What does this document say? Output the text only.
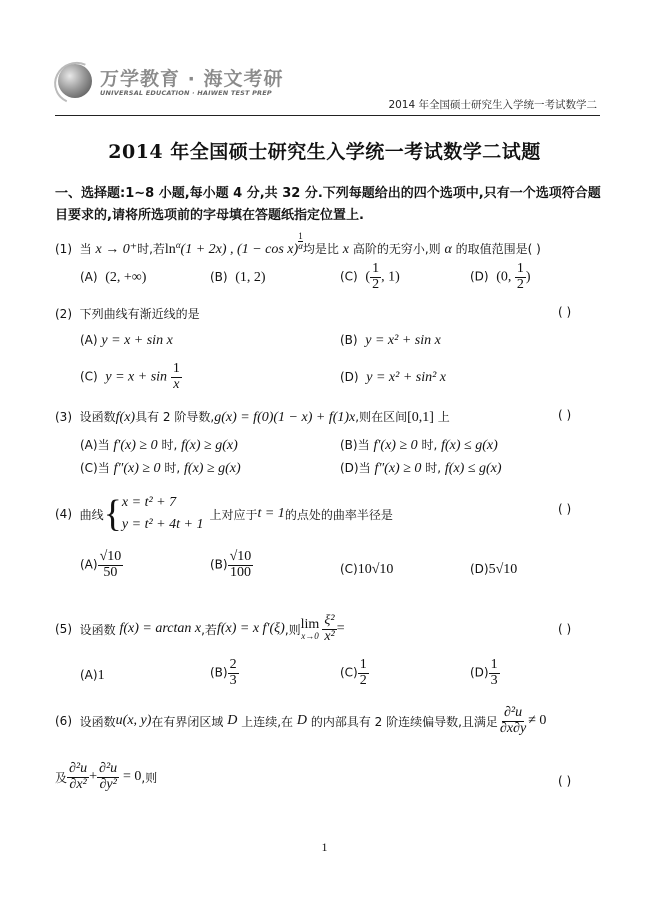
万学教育 · 海文考研
UNIVERSAL EDUCATION · HAIWEN TEST PREP
2014 年全国硕士研究生入学统一考试数学二
2014 年全国硕士研究生入学统一考试数学二试题
一、选择题:1∼8 小题,每小题 4 分,共 32 分.下列每题给出的四个选项中,只有一个选项符合题目要求的,请将所选项前的字母填在答题纸指定位置上.
(1) 当 x → 0⁺时,若$\ln^\alpha(1 + 2x)$ , $(1 - \cos x) \frac{1}{\alpha}$ 均是比 x 高阶的无穷小,则 α 的取值范围是( )
(A) (2, +∞)	(B) (1, 2)	(C) ( $\frac{1}{2}$ , 1)	(D) (0, $\frac{1}{2}$ )
(2) 下列曲线有渐近线的是	( )
(A) y = x + sin x	(B) y = x² + sin x
(C) $y = x + \sin \frac{1}{x}$	(D) y = x² + sin² x
(3) 设函数f(x)具有 2 阶导数,g(x) = f(0)(1 − x) + f(1)x,则在区间[0,1] 上	( )
(A)当 f′(x) ≥ 0 时, f(x) ≥ g(x)	(B)当 f′(x) ≥ 0 时, f(x) ≤ g(x)
(C)当 f″(x) ≥ 0 时, f(x) ≥ g(x)	(D)当 f″(x) ≥ 0 时, f(x) ≤ g(x)
(4)
曲线 { x = t² + 7
y = t² + 4t + 1
上对应于 t = 1 的点处的曲率半径是	( )
$(A) \frac{√10}{50}$	$(B) \frac{√10}{100}$	(C)10√10	(D)5√10
(5)
设函数
f(x) = arctan x ,若 f(x) = x f′(ξ) ,则 lim
$x\to 0 \frac{\text{ξ²}}{\text{x²}}$ =	( )
(A)1	$(B) \frac{2}{3}$	$(C) \frac{1}{2}$	$(D) \frac{1}{3}$
(6)
设函数 u(x, y) 在有界闭区域
D
上连续,在
D
的内部具有 2 阶连续偏导数,且满足 $\frac{\text{∂²u}}{\partial x\partial y} \ne 0$
及 $\frac{\text{∂²u}}{\text{∂x²}} + \frac{\text{∂²u}}{\text{∂y²}}$
= 0 ,则	( )
1
